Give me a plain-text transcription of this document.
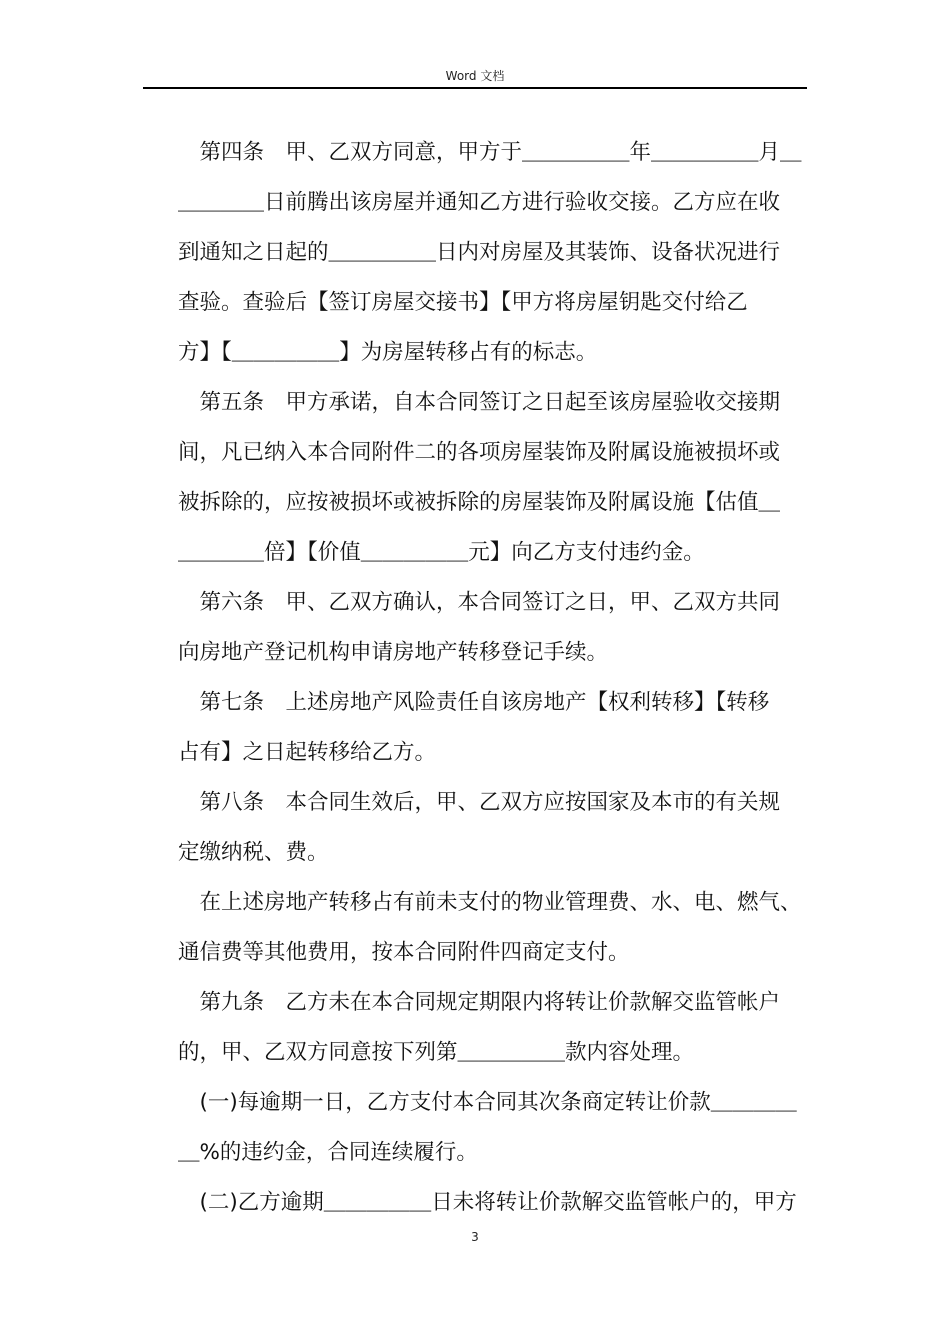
Word 文档

　第四条　甲、乙双方同意，甲方于＿＿＿＿＿年＿＿＿＿＿月＿

＿＿＿＿日前腾出该房屋并通知乙方进行验收交接。乙方应在收

到通知之日起的＿＿＿＿＿日内对房屋及其装饰、设备状况进行

查验。查验后【签订房屋交接书】【甲方将房屋钥匙交付给乙

方】【＿＿＿＿＿】为房屋转移占有的标志。

　第五条　甲方承诺，自本合同签订之日起至该房屋验收交接期

间，凡已纳入本合同附件二的各项房屋装饰及附属设施被损坏或

被拆除的，应按被损坏或被拆除的房屋装饰及附属设施【估值＿

＿＿＿＿倍】【价值＿＿＿＿＿元】向乙方支付违约金。

　第六条　甲、乙双方确认，本合同签订之日，甲、乙双方共同

向房地产登记机构申请房地产转移登记手续。

　第七条　上述房地产风险责任自该房地产【权利转移】【转移

占有】之日起转移给乙方。

　第八条　本合同生效后，甲、乙双方应按国家及本市的有关规

定缴纳税、费。

　在上述房地产转移占有前未支付的物业管理费、水、电、燃气、

通信费等其他费用，按本合同附件四商定支付。

　第九条　乙方未在本合同规定期限内将转让价款解交监管帐户

的，甲、乙双方同意按下列第＿＿＿＿＿款内容处理。

　(一)每逾期一日，乙方支付本合同其次条商定转让价款＿＿＿＿

＿%的违约金，合同连续履行。

　(二)乙方逾期＿＿＿＿＿日未将转让价款解交监管帐户的，甲方

3
